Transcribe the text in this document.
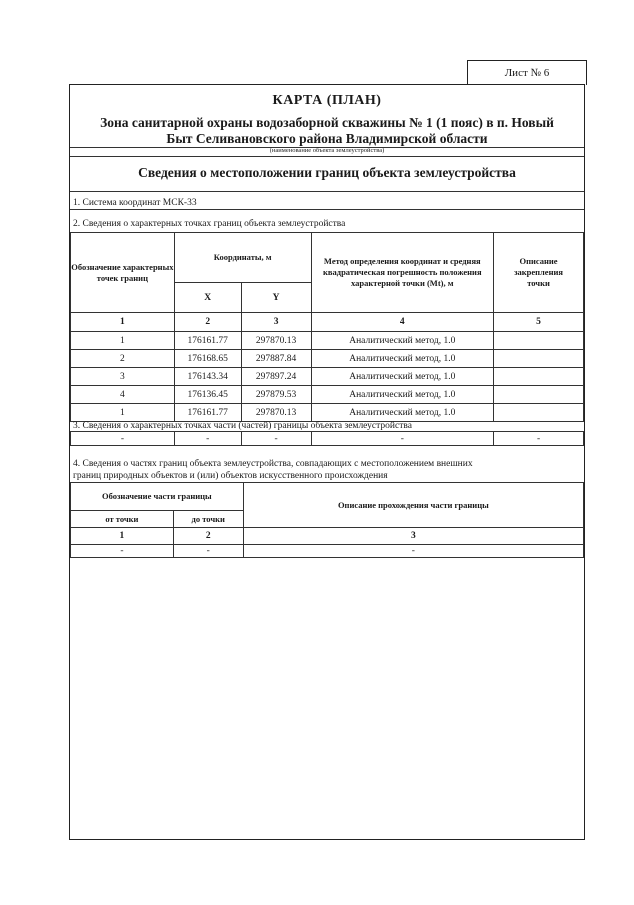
Лист № 6
КАРТА (ПЛАН)
Зона санитарной охраны водозаборной скважины № 1 (1 пояс) в п. Новый
Быт Селивановского района Владимирской области
(наименование объекта землеустройства)
Сведения о местоположении границ объекта землеустройства
1. Система координат МСК-33
2. Сведения о характерных точках границ объекта землеустройства
Обозначение характерных точек границ	Координаты, м		Метод определения координат и средняя квадратическая погрешность положения характерной точки (Mt), м	Описание закрепления точки
	X	Y		
1	2	3	4	5
1	176161.77	297870.13	Аналитический метод, 1.0	
2	176168.65	297887.84	Аналитический метод, 1.0	
3	176143.34	297897.24	Аналитический метод, 1.0	
4	176136.45	297879.53	Аналитический метод, 1.0	
1	176161.77	297870.13	Аналитический метод, 1.0	
3. Сведения о характерных точках части (частей) границы объекта землеустройства
-	-	-	-	-
4. Сведения о частях границ объекта землеустройства, совпадающих с местоположением внешних
границ природных объектов и (или) объектов искусственного происхождения
Обозначение части границы		Описание прохождения части границы
от точки	до точки	
1	2	3
-	-	-
